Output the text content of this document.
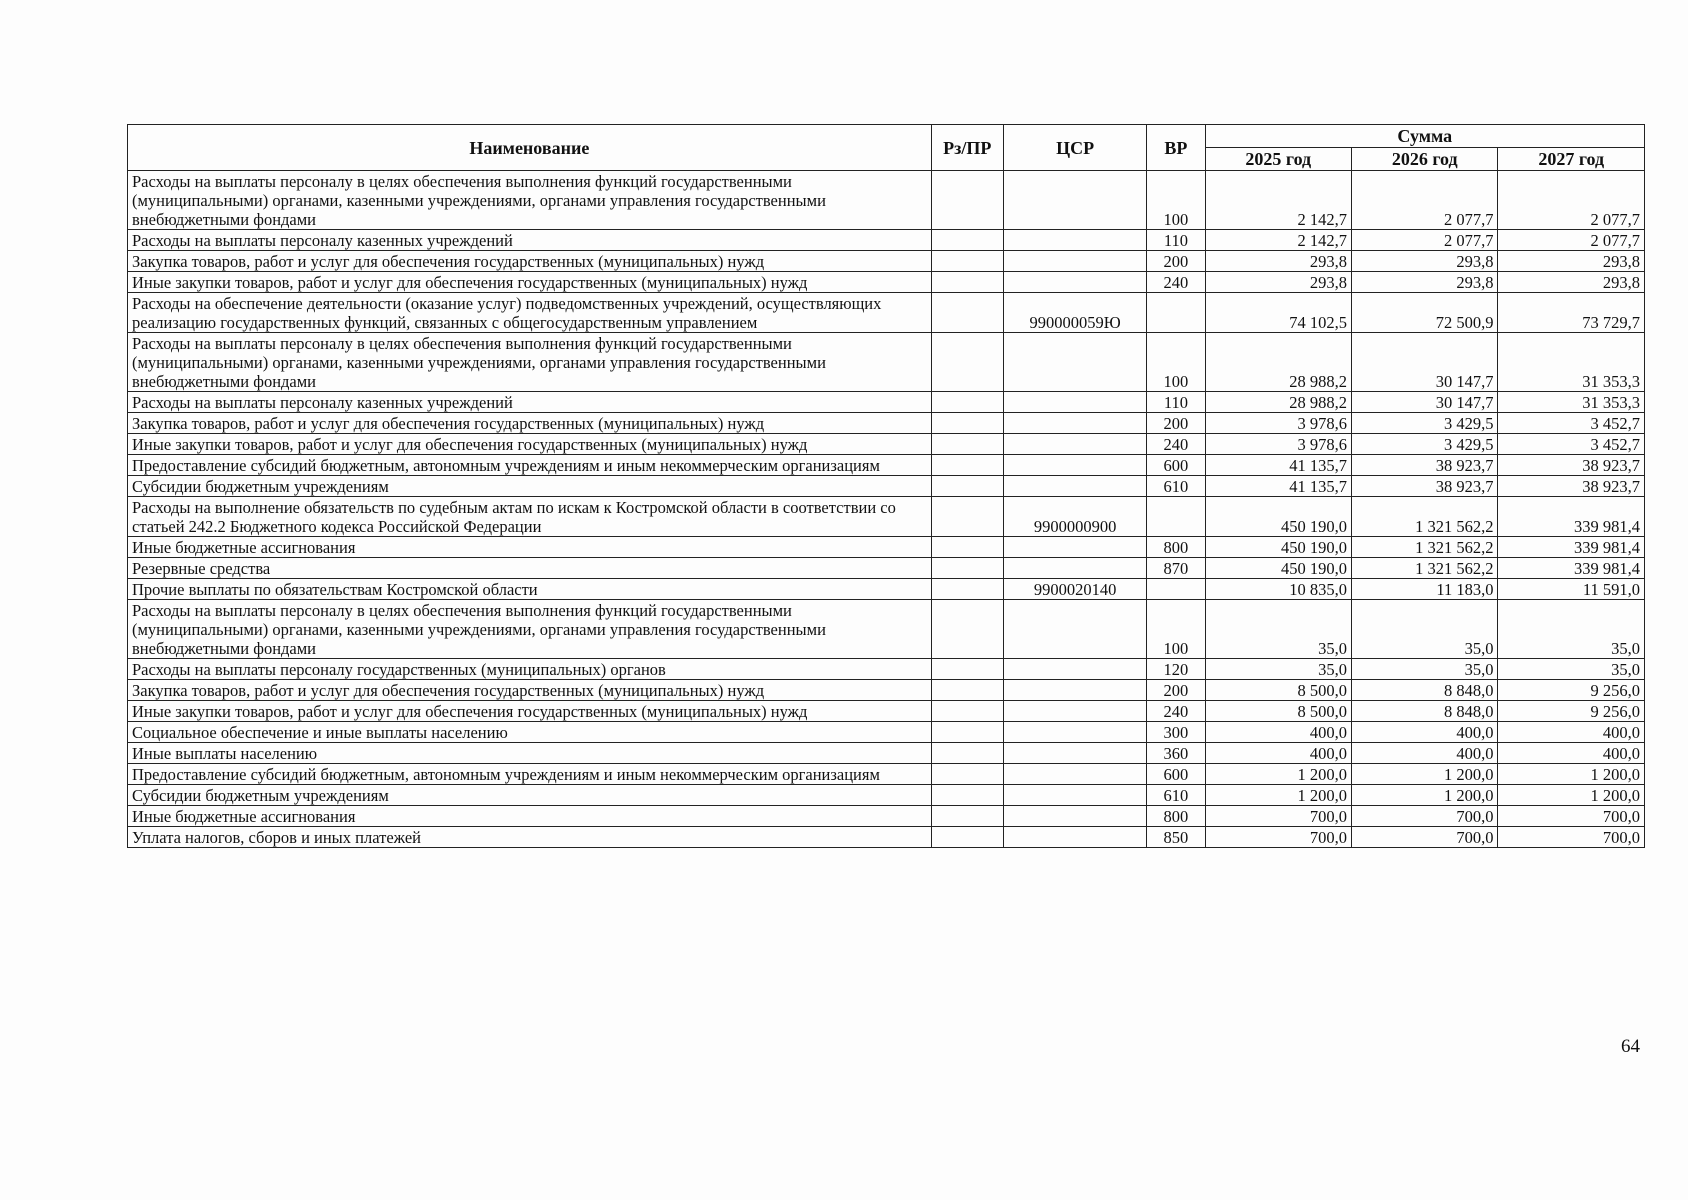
Наименование	Рз/ПР	ЦСР	ВР	Сумма		
				2025 год	2026 год	2027 год
Расходы на выплаты персоналу в целях обеспечения выполнения функций государственными (муниципальными) органами, казенными учреждениями, органами управления государственными внебюджетными фондами			100	2 142,7	2 077,7	2 077,7
Расходы на выплаты персоналу казенных учреждений			110	2 142,7	2 077,7	2 077,7
Закупка товаров, работ и услуг для обеспечения государственных (муниципальных) нужд			200	293,8	293,8	293,8
Иные закупки товаров, работ и услуг для обеспечения государственных (муниципальных) нужд			240	293,8	293,8	293,8
Расходы на обеспечение деятельности (оказание услуг) подведомственных учреждений, осуществляющих реализацию государственных функций, связанных с общегосударственным управлением		990000059Ю		74 102,5	72 500,9	73 729,7
Расходы на выплаты персоналу в целях обеспечения выполнения функций государственными (муниципальными) органами, казенными учреждениями, органами управления государственными внебюджетными фондами			100	28 988,2	30 147,7	31 353,3
Расходы на выплаты персоналу казенных учреждений			110	28 988,2	30 147,7	31 353,3
Закупка товаров, работ и услуг для обеспечения государственных (муниципальных) нужд			200	3 978,6	3 429,5	3 452,7
Иные закупки товаров, работ и услуг для обеспечения государственных (муниципальных) нужд			240	3 978,6	3 429,5	3 452,7
Предоставление субсидий бюджетным, автономным учреждениям и иным некоммерческим организациям			600	41 135,7	38 923,7	38 923,7
Субсидии бюджетным учреждениям			610	41 135,7	38 923,7	38 923,7
Расходы на выполнение обязательств по судебным актам по искам к Костромской области в соответствии со статьей 242.2 Бюджетного кодекса Российской Федерации		9900000900		450 190,0	1 321 562,2	339 981,4
Иные бюджетные ассигнования			800	450 190,0	1 321 562,2	339 981,4
Резервные средства			870	450 190,0	1 321 562,2	339 981,4
Прочие выплаты по обязательствам Костромской области		9900020140		10 835,0	11 183,0	11 591,0
Расходы на выплаты персоналу в целях обеспечения выполнения функций государственными (муниципальными) органами, казенными учреждениями, органами управления государственными внебюджетными фондами			100	35,0	35,0	35,0
Расходы на выплаты персоналу государственных (муниципальных) органов			120	35,0	35,0	35,0
Закупка товаров, работ и услуг для обеспечения государственных (муниципальных) нужд			200	8 500,0	8 848,0	9 256,0
Иные закупки товаров, работ и услуг для обеспечения государственных (муниципальных) нужд			240	8 500,0	8 848,0	9 256,0
Социальное обеспечение и иные выплаты населению			300	400,0	400,0	400,0
Иные выплаты населению			360	400,0	400,0	400,0
Предоставление субсидий бюджетным, автономным учреждениям и иным некоммерческим организациям			600	1 200,0	1 200,0	1 200,0
Субсидии бюджетным учреждениям			610	1 200,0	1 200,0	1 200,0
Иные бюджетные ассигнования			800	700,0	700,0	700,0
Уплата налогов, сборов и иных платежей			850	700,0	700,0	700,0
64
